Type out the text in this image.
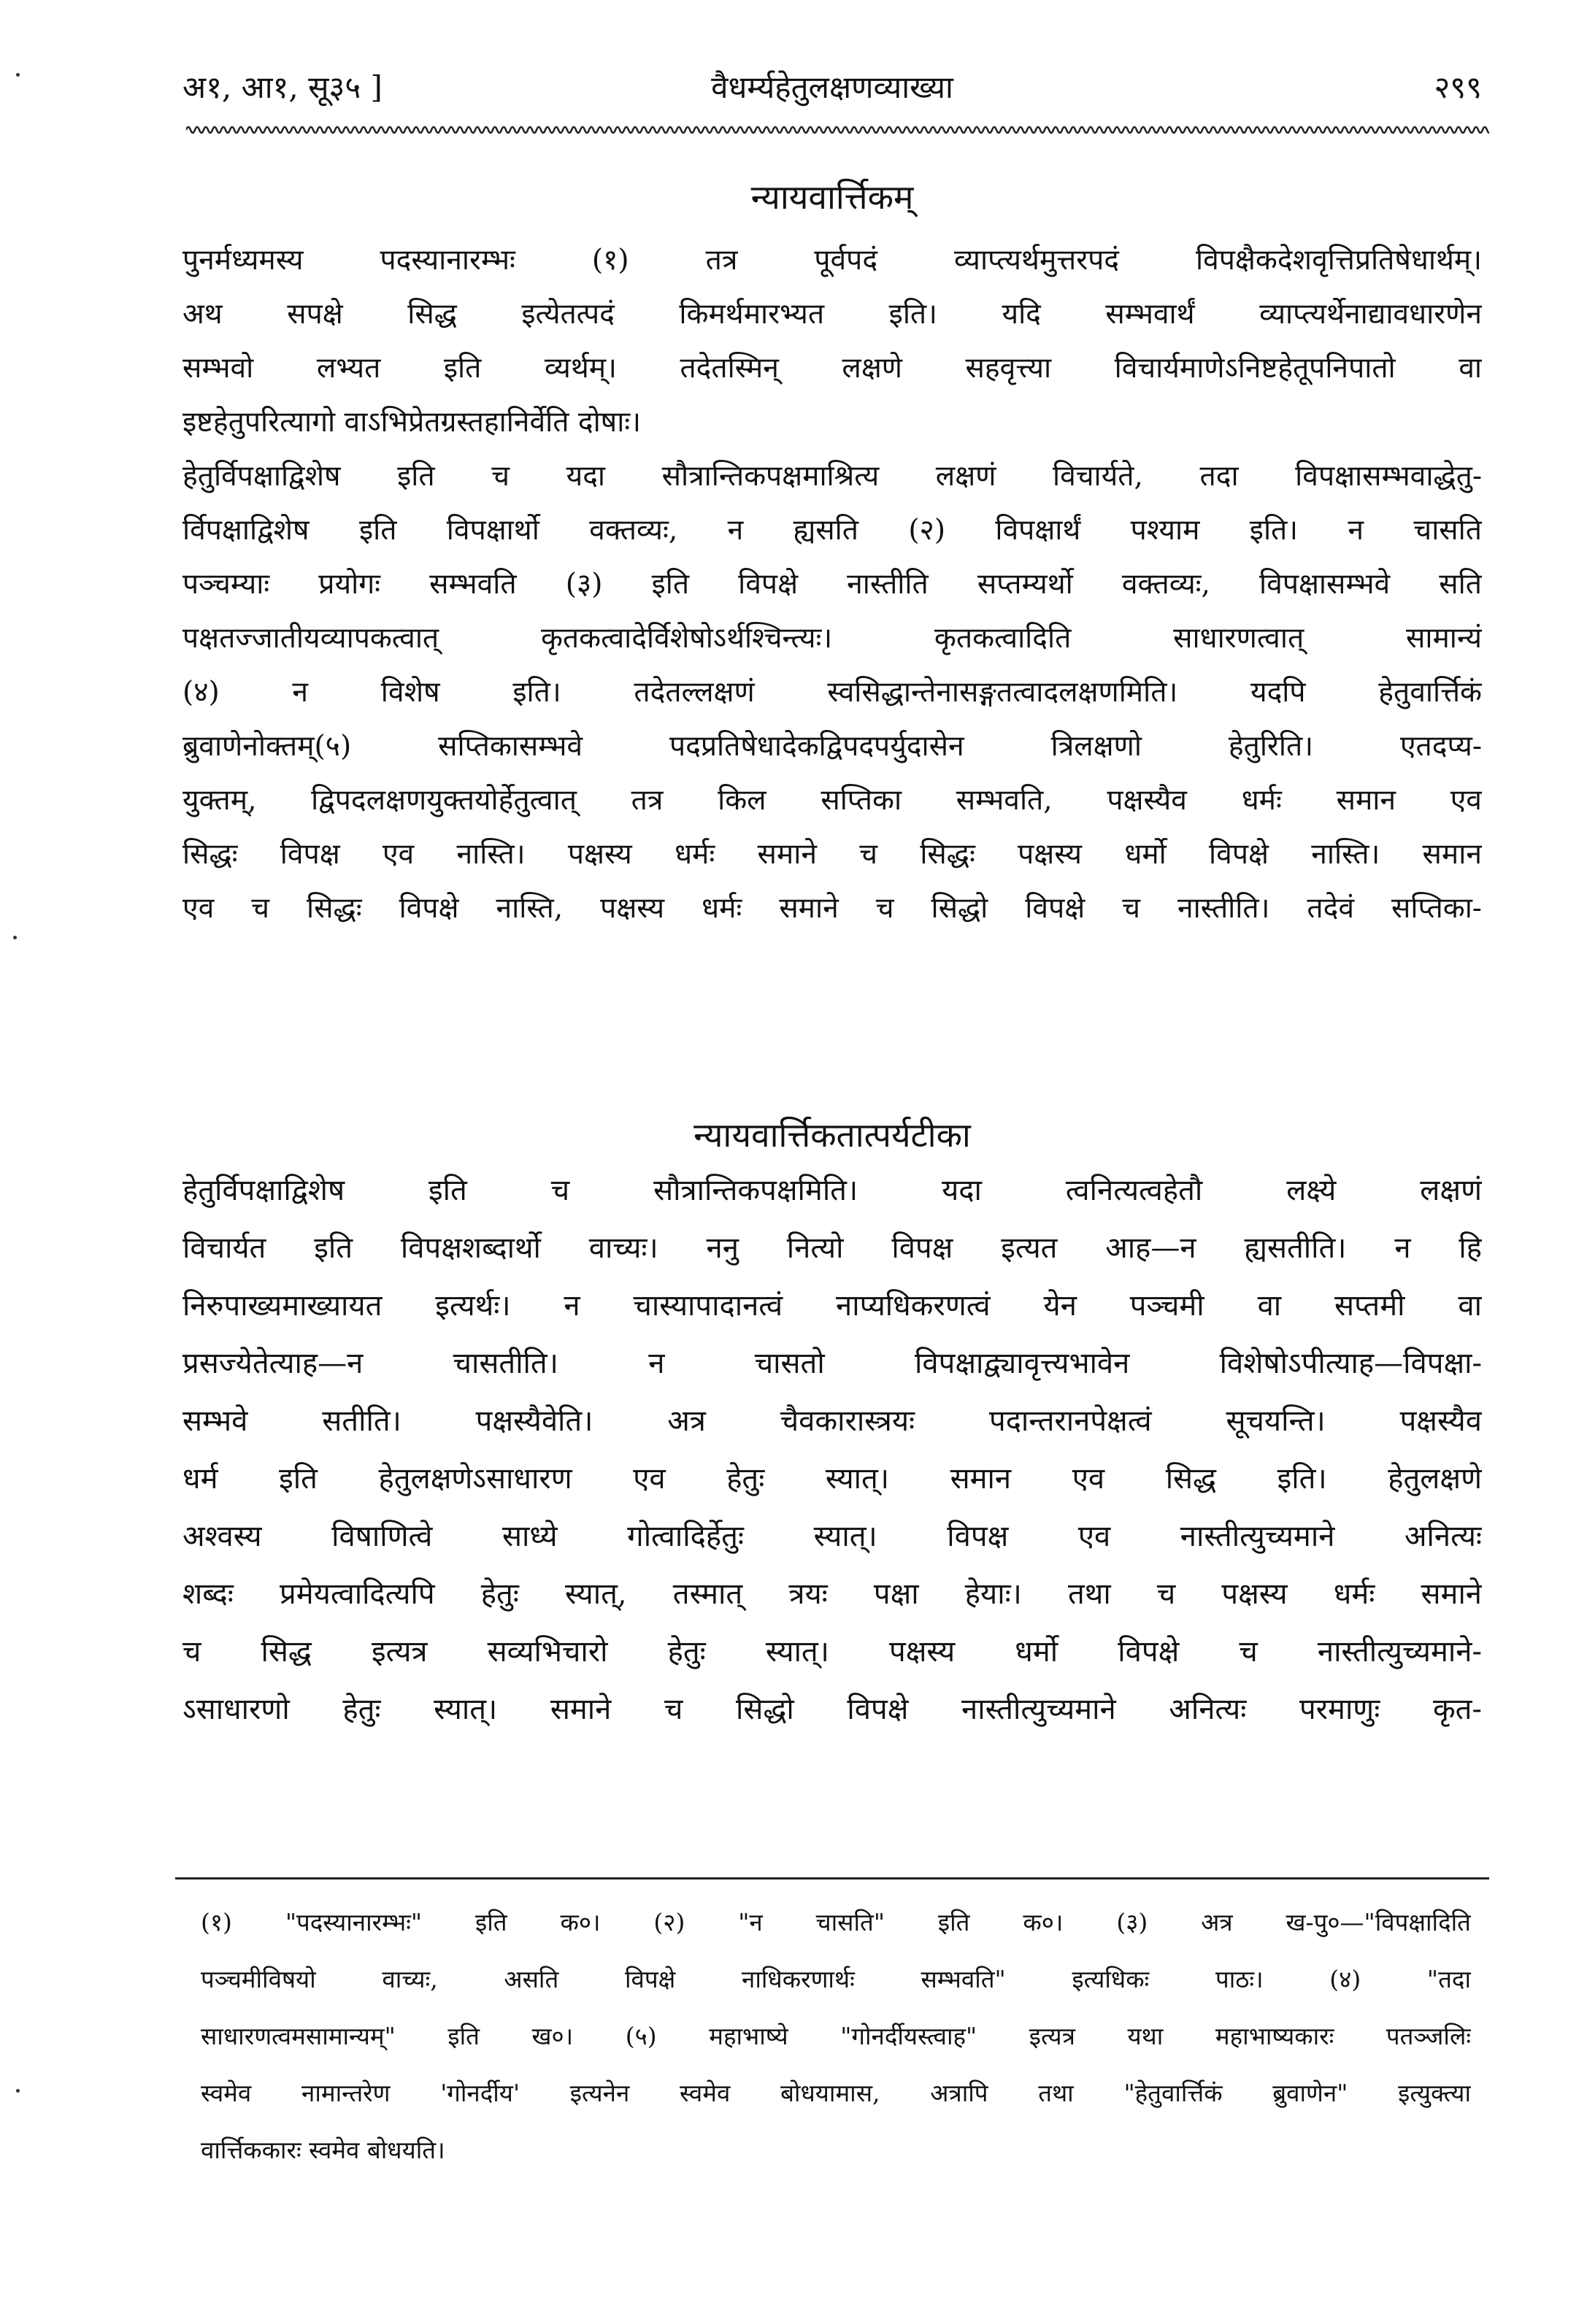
अ१, आ१, सू३५ ]	वैधर्म्यहेतुलक्षणव्याख्या	२९९
न्यायवार्त्तिकम्
पुनर्मध्यमस्य पदस्यानारम्भः (१) तत्र पूर्वपदं व्याप्त्यर्थमुत्तरपदं विपक्षैकदेशवृत्तिप्रतिषेधार्थम्।
अथ सपक्षे सिद्ध इत्येतत्पदं किमर्थमारभ्यत इति। यदि सम्भवार्थं व्याप्त्यर्थेनाद्यावधारणेन
सम्भवो लभ्यत इति व्यर्थम्। तदेतस्मिन् लक्षणे सहवृत्त्या विचार्यमाणेऽनिष्टहेतूपनिपातो वा
इष्टहेतुपरित्यागो वाऽभिप्रेतग्रस्तहानिर्वेति दोषाः।
हेतुर्विपक्षाद्विशेष इति च यदा सौत्रान्तिकपक्षमाश्रित्य लक्षणं विचार्यते, तदा विपक्षासम्भवाद्धेतु-
र्विपक्षाद्विशेष इति विपक्षार्थो वक्तव्यः, न ह्यसति (२) विपक्षार्थं पश्याम इति। न चासति
पञ्चम्याः प्रयोगः सम्भवति (३) इति विपक्षे नास्तीति सप्तम्यर्थो वक्तव्यः, विपक्षासम्भवे सति
पक्षतज्जातीयव्यापकत्वात् कृतकत्वादेर्विशेषोऽर्थश्चिन्त्यः। कृतकत्वादिति साधारणत्वात् सामान्यं
(४) न विशेष इति। तदेतल्लक्षणं स्वसिद्धान्तेनासङ्गतत्वादलक्षणमिति। यदपि हेतुवार्त्तिकं
ब्रुवाणेनोक्तम्(५) सप्तिकासम्भवे पदप्रतिषेधादेकद्विपदपर्युदासेन त्रिलक्षणो हेतुरिति। एतदप्य-
युक्तम्, द्विपदलक्षणयुक्तयोर्हेतुत्वात् तत्र किल सप्तिका सम्भवति, पक्षस्यैव धर्मः समान एव
सिद्धः विपक्ष एव नास्ति। पक्षस्य धर्मः समाने च सिद्धः पक्षस्य धर्मो विपक्षे नास्ति। समान
एव च सिद्धः विपक्षे नास्ति, पक्षस्य धर्मः समाने च सिद्धो विपक्षे च नास्तीति। तदेवं सप्तिका-
न्यायवार्त्तिकतात्पर्यटीका
हेतुर्विपक्षाद्विशेष इति च सौत्रान्तिकपक्षमिति। यदा त्वनित्यत्वहेतौ लक्ष्ये लक्षणं
विचार्यत इति विपक्षशब्दार्थो वाच्यः। ननु नित्यो विपक्ष इत्यत आह—न ह्यसतीति। न हि
निरुपाख्यमाख्यायत इत्यर्थः। न चास्यापादानत्वं नाप्यधिकरणत्वं येन पञ्चमी वा सप्तमी वा
प्रसज्येतेत्याह—न चासतीति। न चासतो विपक्षाद्व्यावृत्त्यभावेन विशेषोऽपीत्याह—विपक्षा-
सम्भवे सतीति। पक्षस्यैवेति। अत्र चैवकारास्त्रयः पदान्तरानपेक्षत्वं सूचयन्ति। पक्षस्यैव
धर्म इति हेतुलक्षणेऽसाधारण एव हेतुः स्यात्। समान एव सिद्ध इति। हेतुलक्षणे
अश्वस्य विषाणित्वे साध्ये गोत्वादिर्हेतुः स्यात्। विपक्ष एव नास्तीत्युच्यमाने अनित्यः
शब्दः प्रमेयत्वादित्यपि हेतुः स्यात्, तस्मात् त्रयः पक्षा हेयाः। तथा च पक्षस्य धर्मः समाने
च सिद्ध इत्यत्र सव्यभिचारो हेतुः स्यात्। पक्षस्य धर्मो विपक्षे च नास्तीत्युच्यमाने-
ऽसाधारणो हेतुः स्यात्। समाने च सिद्धो विपक्षे नास्तीत्युच्यमाने अनित्यः परमाणुः कृत-
(१) "पदस्यानारम्भः" इति क०। (२) "न चासति" इति क०। (३) अत्र ख-पु०—"विपक्षादिति
पञ्चमीविषयो वाच्यः, असति विपक्षे नाधिकरणार्थः सम्भवति" इत्यधिकः पाठः। (४) "तदा
साधारणत्वमसामान्यम्" इति ख०। (५) महाभाष्ये "गोनर्दीयस्त्वाह" इत्यत्र यथा महाभाष्यकारः पतञ्जलिः
स्वमेव नामान्तरेण 'गोनर्दीय' इत्यनेन स्वमेव बोधयामास, अत्रापि तथा "हेतुवार्त्तिकं ब्रुवाणेन" इत्युक्त्या
वार्त्तिककारः स्वमेव बोधयति।
